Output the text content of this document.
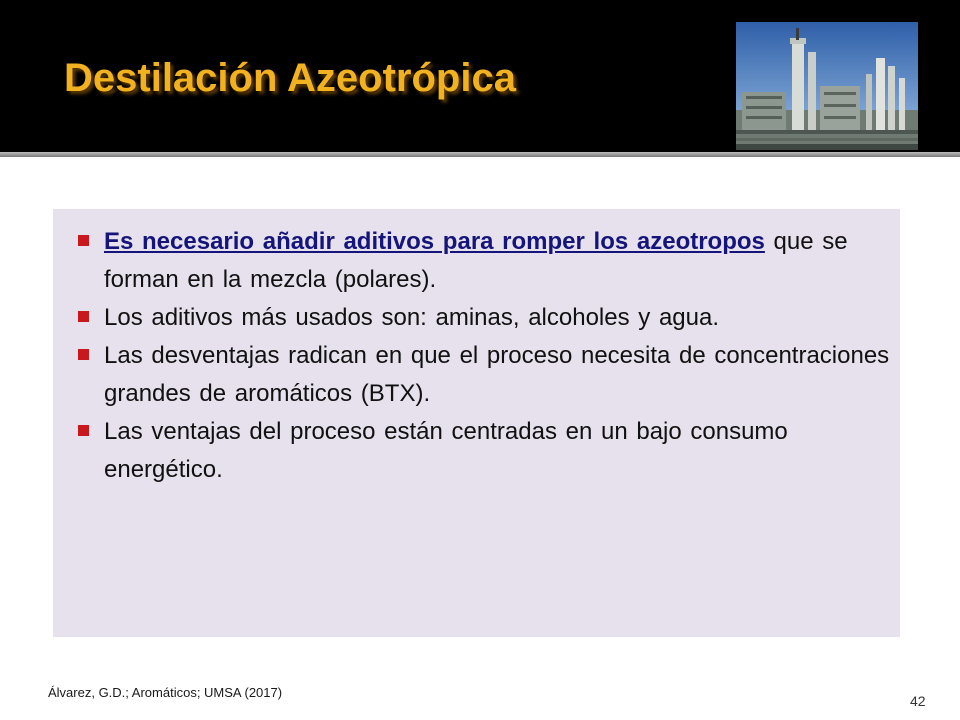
Destilación Azeotrópica
Es necesario añadir aditivos para romper los azeotropos que se forman en la mezcla (polares).
Los aditivos más usados son: aminas, alcoholes y agua.
Las desventajas radican en que el proceso necesita de concentraciones grandes de aromáticos (BTX).
Las ventajas del proceso están centradas en un bajo consumo energético.
Álvarez, G.D.; Aromáticos; UMSA (2017)
42
